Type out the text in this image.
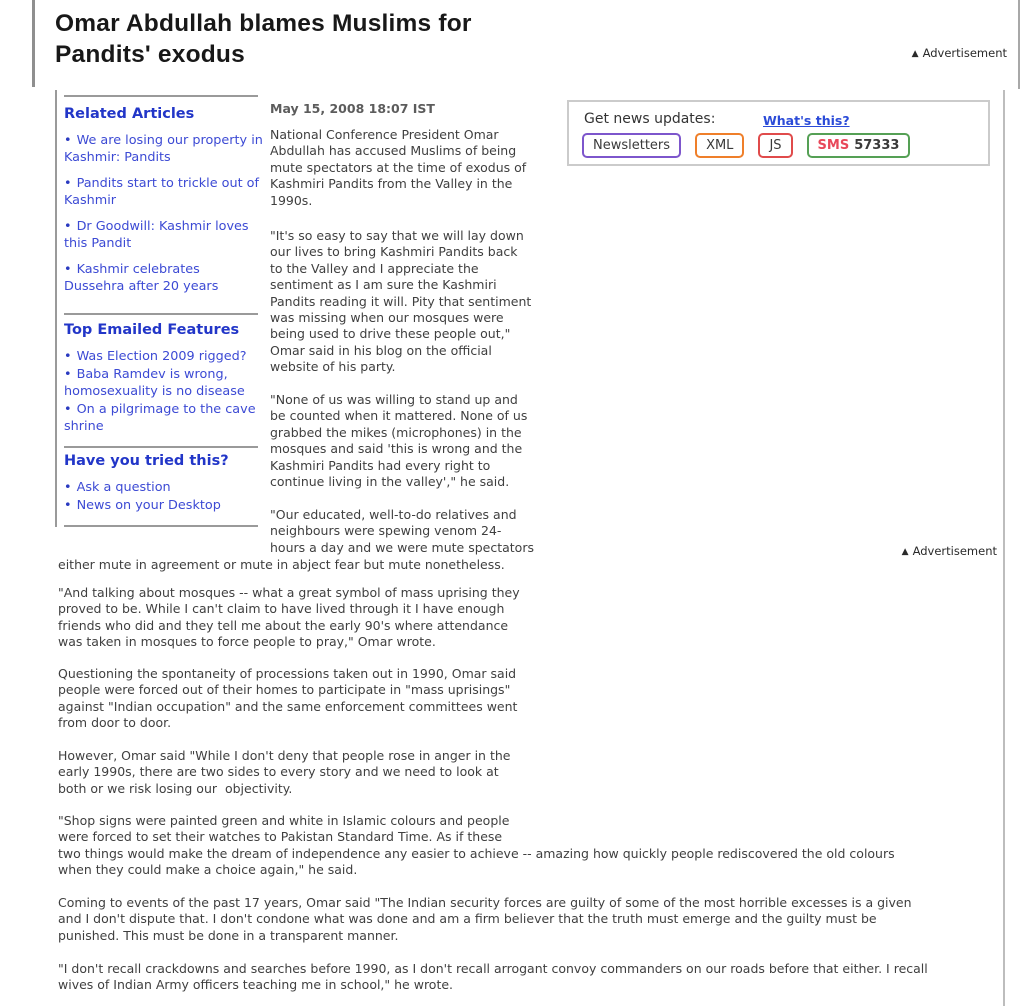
Omar Abdullah blames Muslims for
Pandits' exodus	▲ Advertisement
▲ Advertisement
Related Articles
• We are losing our property in Kashmir: Pandits
• Pandits start to trickle out of Kashmir
• Dr Goodwill: Kashmir loves this Pandit
• Kashmir celebrates Dussehra after 20 years
Top Emailed Features
• Was Election 2009 rigged?
• Baba Ramdev is wrong, homosexuality is no disease
• On a pilgrimage to the cave shrine
Have you tried this?
• Ask a question
• News on your Desktop
Get news updates:	What's this?
Newsletters	XML	JS	SMS 57333
May 15, 2008 18:07 IST
National Conference President Omar
Abdullah has accused Muslims of being
mute spectators at the time of exodus of
Kashmiri Pandits from the Valley in the
1990s.
"It's so easy to say that we will lay down
our lives to bring Kashmiri Pandits back
to the Valley and I appreciate the
sentiment as I am sure the Kashmiri
Pandits reading it will. Pity that sentiment
was missing when our mosques were
being used to drive these people out,"
Omar said in his blog on the official
website of his party.
"None of us was willing to stand up and
be counted when it mattered. None of us
grabbed the mikes (microphones) in the
mosques and said 'this is wrong and the
Kashmiri Pandits had every right to
continue living in the valley'," he said.
"Our educated, well-to-do relatives and
neighbours were spewing venom 24-
hours a day and we were mute spectators
either mute in agreement or mute in abject fear but mute nonetheless.
"And talking about mosques -- what a great symbol of mass uprising they
proved to be. While I can't claim to have lived through it I have enough
friends who did and they tell me about the early 90's where attendance
was taken in mosques to force people to pray," Omar wrote.
Questioning the spontaneity of processions taken out in 1990, Omar said
people were forced out of their homes to participate in "mass uprisings"
against "Indian occupation" and the same enforcement committees went
from door to door.
However, Omar said "While I don't deny that people rose in anger in the
early 1990s, there are two sides to every story and we need to look at
both or we risk losing our  objectivity.
"Shop signs were painted green and white in Islamic colours and people
were forced to set their watches to Pakistan Standard Time. As if these
two things would make the dream of independence any easier to achieve -- amazing how quickly people rediscovered the old colours
when they could make a choice again," he said.
Coming to events of the past 17 years, Omar said "The Indian security forces are guilty of some of the most horrible excesses is a given
and I don't dispute that. I don't condone what was done and am a firm believer that the truth must emerge and the guilty must be
punished. This must be done in a transparent manner.
"I don't recall crackdowns and searches before 1990, as I don't recall arrogant convoy commanders on our roads before that either. I recall
wives of Indian Army officers teaching me in school," he wrote.
